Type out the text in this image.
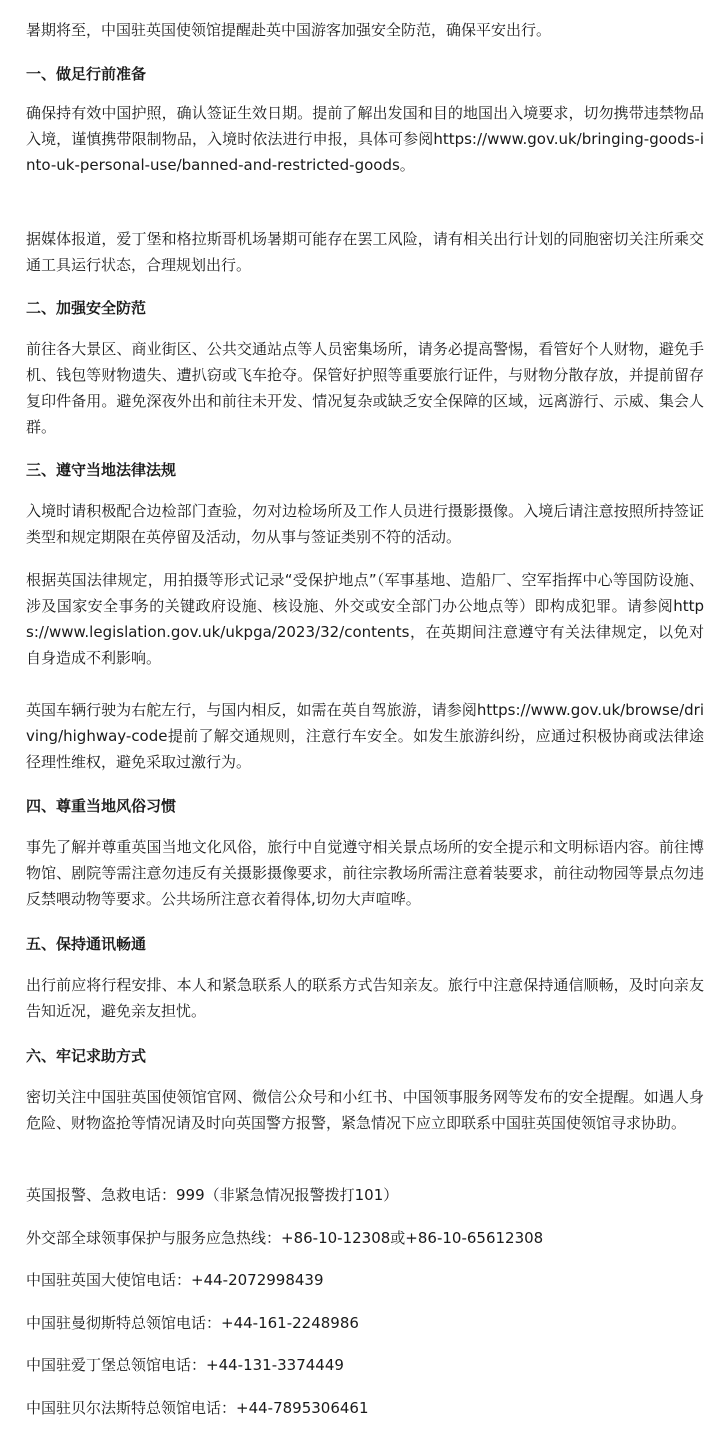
暑期将至，中国驻英国使领馆提醒赴英中国游客加强安全防范，确保平安出行。

一、做足行前准备

确保持有效中国护照，确认签证生效日期。提前了解出发国和目的地国出入境要求，切勿携带违禁物品入境，谨慎携带限制物品，入境时依法进行申报，具体可参阅https://www.gov.uk/bringing-goods-into-uk-personal-use/banned-and-restricted-goods。

据媒体报道，爱丁堡和格拉斯哥机场暑期可能存在罢工风险，请有相关出行计划的同胞密切关注所乘交通工具运行状态，合理规划出行。

二、加强安全防范

前往各大景区、商业街区、公共交通站点等人员密集场所，请务必提高警惕，看管好个人财物，避免手机、钱包等财物遗失、遭扒窃或飞车抢夺。保管好护照等重要旅行证件，与财物分散存放，并提前留存复印件备用。避免深夜外出和前往未开发、情况复杂或缺乏安全保障的区域，远离游行、示威、集会人群。

三、遵守当地法律法规

入境时请积极配合边检部门查验，勿对边检场所及工作人员进行摄影摄像。入境后请注意按照所持签证类型和规定期限在英停留及活动，勿从事与签证类别不符的活动。

根据英国法律规定，用拍摄等形式记录“受保护地点”（军事基地、造船厂、空军指挥中心等国防设施、涉及国家安全事务的关键政府设施、核设施、外交或安全部门办公地点等）即构成犯罪。请参阅https://www.legislation.gov.uk/ukpga/2023/32/contents，在英期间注意遵守有关法律规定，以免对自身造成不利影响。

英国车辆行驶为右舵左行，与国内相反，如需在英自驾旅游，请参阅https://www.gov.uk/browse/driving/highway-code提前了解交通规则，注意行车安全。如发生旅游纠纷，应通过积极协商或法律途径理性维权，避免采取过激行为。

四、尊重当地风俗习惯

事先了解并尊重英国当地文化风俗，旅行中自觉遵守相关景点场所的安全提示和文明标语内容。前往博物馆、剧院等需注意勿违反有关摄影摄像要求，前往宗教场所需注意着装要求，前往动物园等景点勿违反禁喂动物等要求。公共场所注意衣着得体,切勿大声喧哗。

五、保持通讯畅通

出行前应将行程安排、本人和紧急联系人的联系方式告知亲友。旅行中注意保持通信顺畅，及时向亲友告知近况，避免亲友担忧。

六、牢记求助方式

密切关注中国驻英国使领馆官网、微信公众号和小红书、中国领事服务网等发布的安全提醒。如遇人身危险、财物盗抢等情况请及时向英国警方报警，紧急情况下应立即联系中国驻英国使领馆寻求协助。

英国报警、急救电话：999（非紧急情况报警拨打101）

外交部全球领事保护与服务应急热线：+86-10-12308或+86-10-65612308

中国驻英国大使馆电话：+44-2072998439

中国驻曼彻斯特总领馆电话：+44-161-2248986

中国驻爱丁堡总领馆电话：+44-131-3374449

中国驻贝尔法斯特总领馆电话：+44-7895306461
